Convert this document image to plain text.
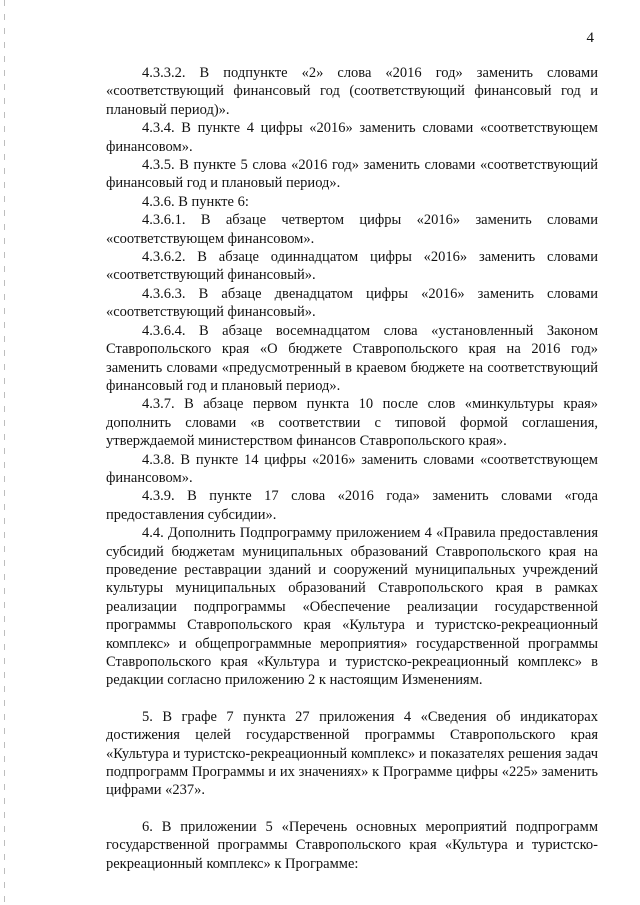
4

4.3.3.2. В подпункте «2» слова «2016 год» заменить словами «соответствующий финансовый год (соответствующий финансовый год и плановый период)».

4.3.4. В пункте 4 цифры «2016» заменить словами «соответствующем финансовом».

4.3.5. В пункте 5 слова «2016 год» заменить словами «соответствующий финансовый год и плановый период».

4.3.6. В пункте 6:

4.3.6.1. В абзаце четвертом цифры «2016» заменить словами «соответствующем финансовом».

4.3.6.2. В абзаце одиннадцатом цифры «2016» заменить словами «соответствующий финансовый».

4.3.6.3. В абзаце двенадцатом цифры «2016» заменить словами «соответствующий финансовый».

4.3.6.4. В абзаце восемнадцатом слова «установленный Законом Ставропольского края «О бюджете Ставропольского края на 2016 год» заменить словами «предусмотренный в краевом бюджете на соответствующий финансовый год и плановый период».

4.3.7. В абзаце первом пункта 10 после слов «минкультуры края» дополнить словами «в соответствии с типовой формой соглашения, утверждаемой министерством финансов Ставропольского края».

4.3.8. В пункте 14 цифры «2016» заменить словами «соответствующем финансовом».

4.3.9. В пункте 17 слова «2016 года» заменить словами «года предоставления субсидии».

4.4. Дополнить Подпрограмму приложением 4 «Правила предоставления субсидий бюджетам муниципальных образований Ставропольского края на проведение реставрации зданий и сооружений муниципальных учреждений культуры муниципальных образований Ставропольского края в рамках реализации подпрограммы «Обеспечение реализации государственной программы Ставропольского края «Культура и туристско-рекреационный комплекс» и общепрограммные мероприятия» государственной программы Ставропольского края «Культура и туристско-рекреационный комплекс» в редакции согласно приложению 2 к настоящим Изменениям.

5. В графе 7 пункта 27 приложения 4 «Сведения об индикаторах достижения целей государственной программы Ставропольского края «Культура и туристско-рекреационный комплекс» и показателях решения задач подпрограмм Программы и их значениях» к Программе цифры «225» заменить цифрами «237».

6. В приложении 5 «Перечень основных мероприятий подпрограмм государственной программы Ставропольского края «Культура и туристско-рекреационный комплекс» к Программе:
